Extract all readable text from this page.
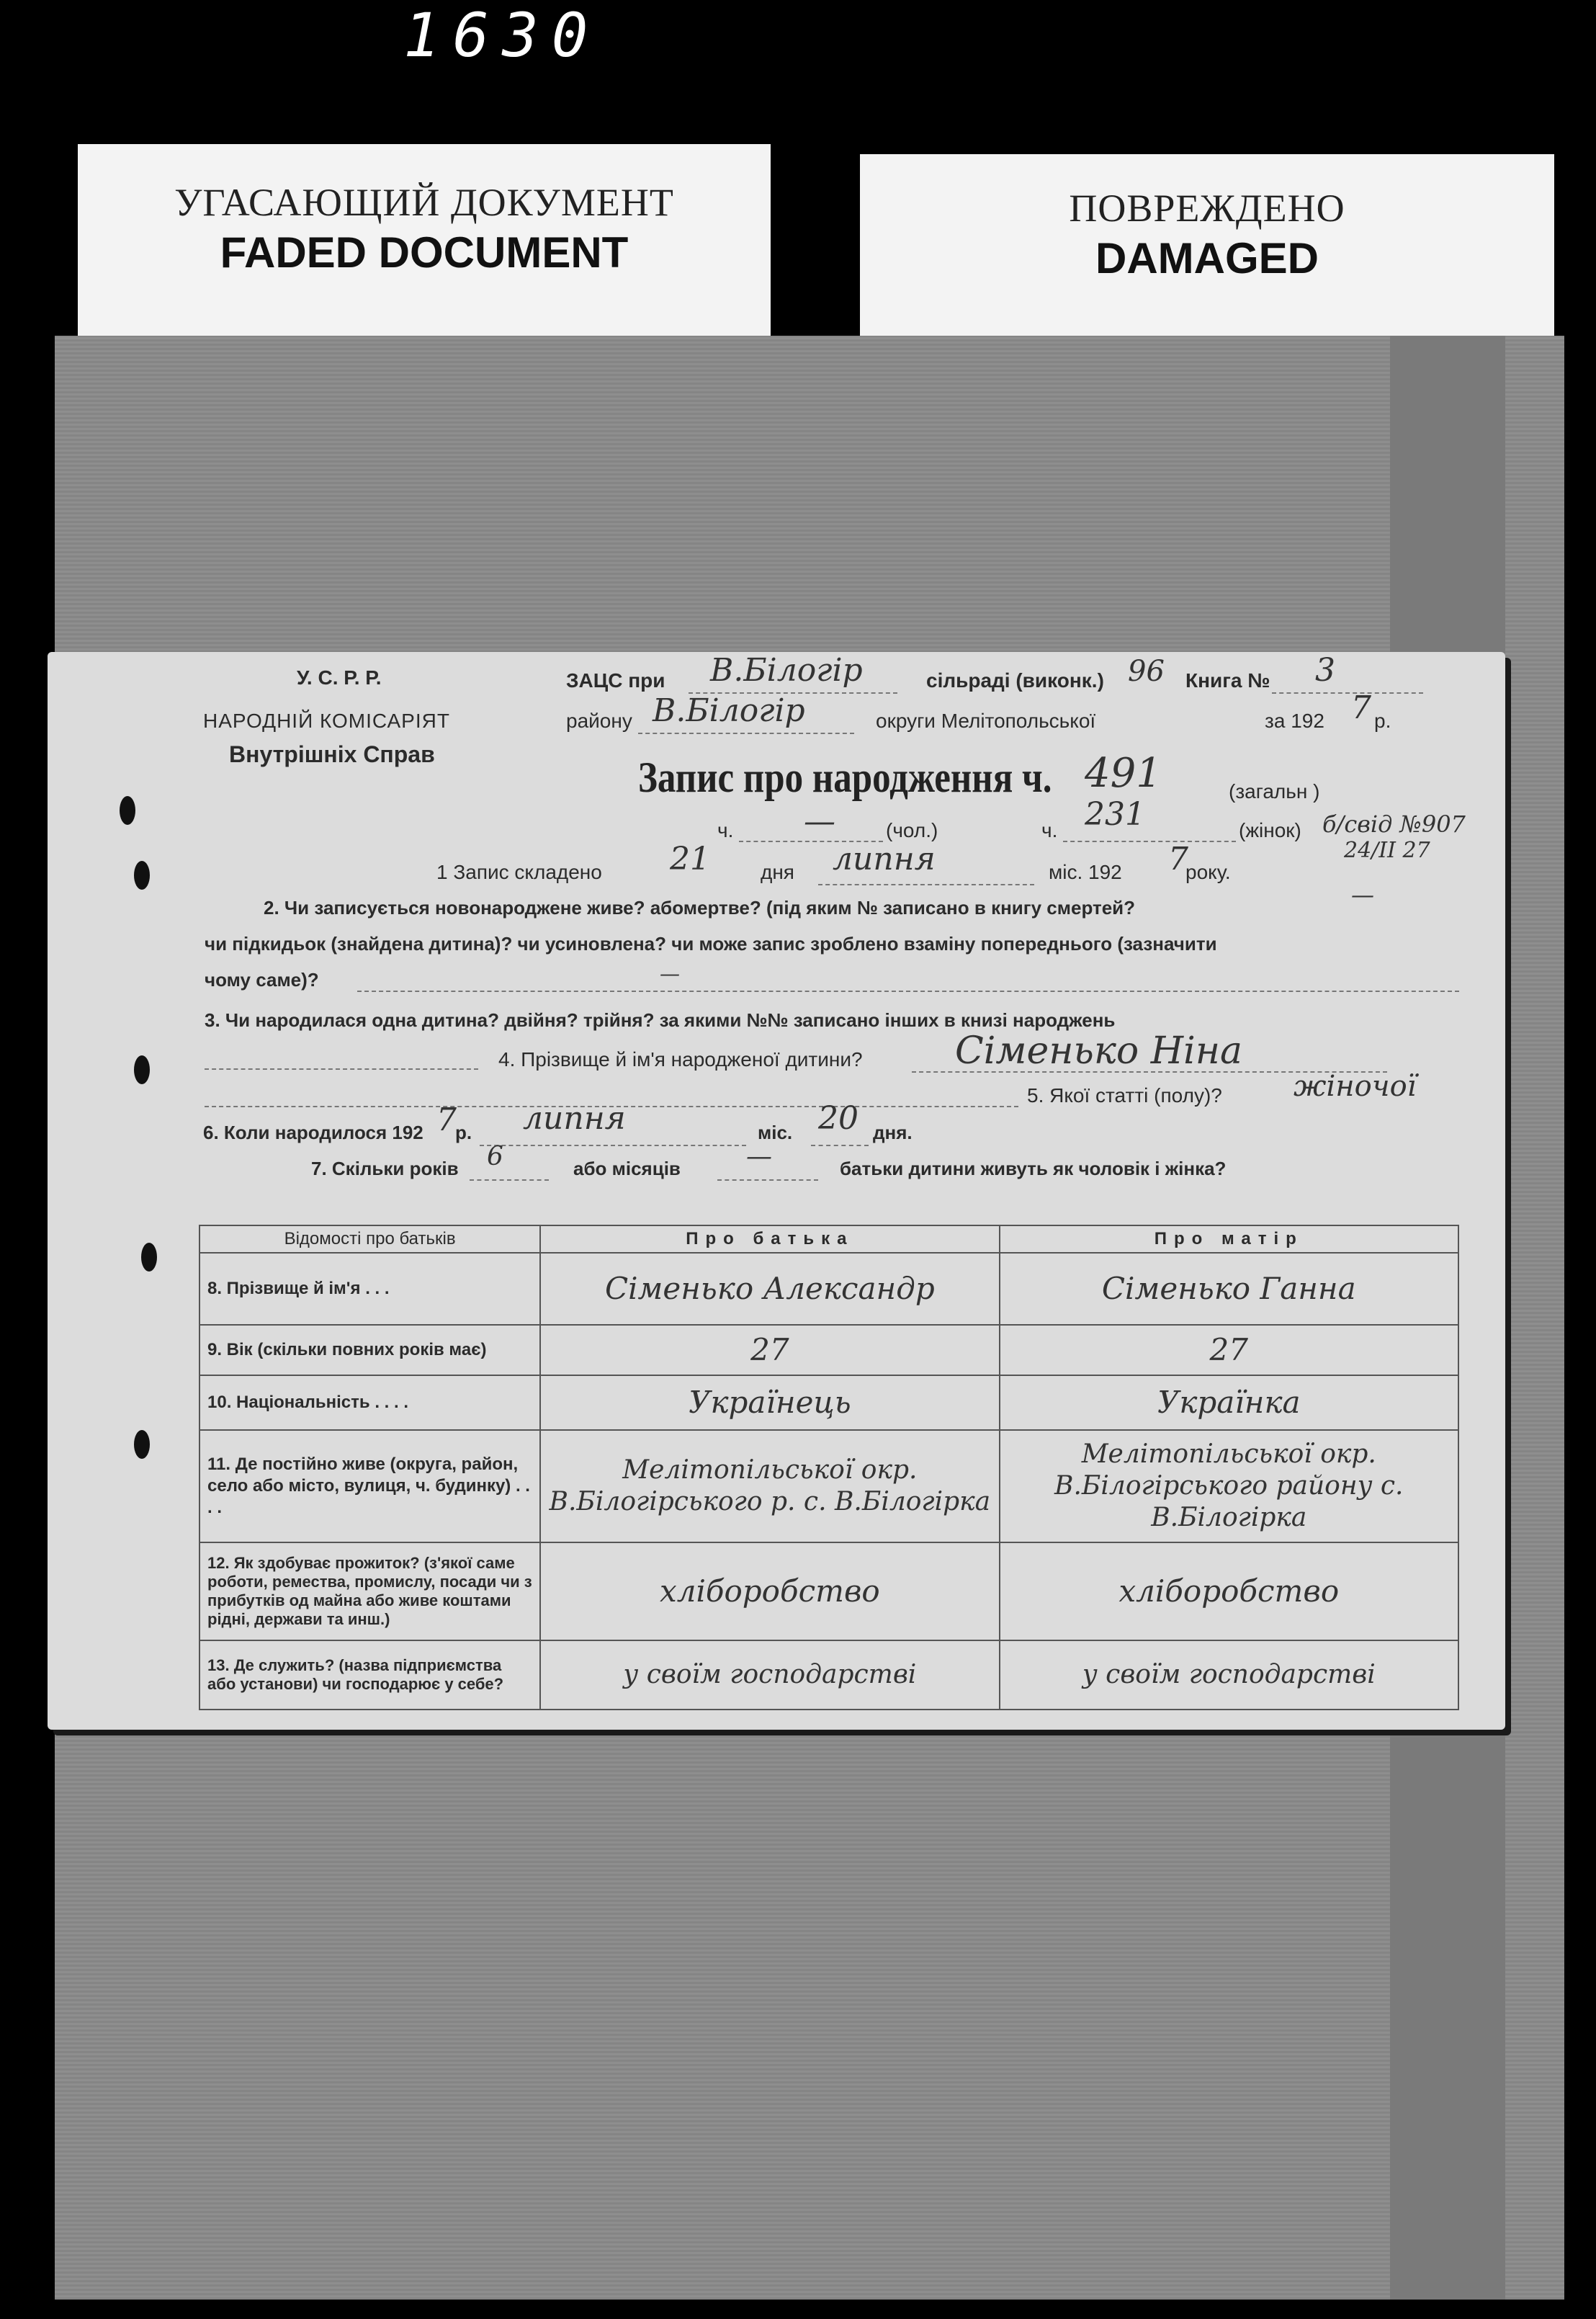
1630
УГАСАЮЩИЙ ДОКУМЕНТ
FADED DOCUMENT
ПОВРЕЖДЕНО
DAMAGED
У. С. Р. Р.
НАРОДНІЙ КОМІСАРІЯТ
Внутрішніх Справ
ЗАЦС при В.Білогір	сільраді (виконк.) 96 Книга № 3
району В.Білогір	округи Мелітопольської	за 192 7 р.
Запис про народження ч. 491	(загальн )
ч. —	(чол.)	ч. 231	(жінок) б/свід №907
24/II 27
1 Запис складено 21	дня липня	міс. 192 7
року.
2. Чи записується новонароджене живе? абомертве? (під яким № записано в книгу смертей?	—
чи підкидьок (знайдена дитина)? чи усиновлена? чи може запис зроблено взаміну попереднього (зазначити
чому саме)?	—
3. Чи народилася одна дитина? двійня? трійня? за якими №№ записано інших в книзі народжень
4. Прізвище й ім'я народженої дитини? Сіменько Ніна
5. Якої статті (полу)? жіночої
6. Коли народилося 192 7
р. липня	міс. 20 дня.
7. Скільки років 6	або місяців	—	батьки дитини живуть як чоловік і жінка?
Відомості про батьків	Про батька	Про матір
8. Прізвище й ім'я . . .	Сіменько Александр	Сіменько Ганна
9. Вік (скільки повних років має)	27	27
10. Національність . . . .	Українець	Українка
11. Де постійно живе (округа, район, село або місто, вулиця, ч. будинку) . . . .	Мелітопільської окр. В.Білогірського р. с. В.Білогірка	Мелітопільської окр. В.Білогірського району с. В.Білогірка
12. Як здобуває прожиток? (з'якої саме роботи, ремества, промислу, посади чи з прибутків од майна або живе коштами рідні, держави та инш.)	хліборобство	хліборобство
13. Де служить? (назва підприємства або установи) чи господарює у себе?	у своїм господарстві	у своїм господарстві
